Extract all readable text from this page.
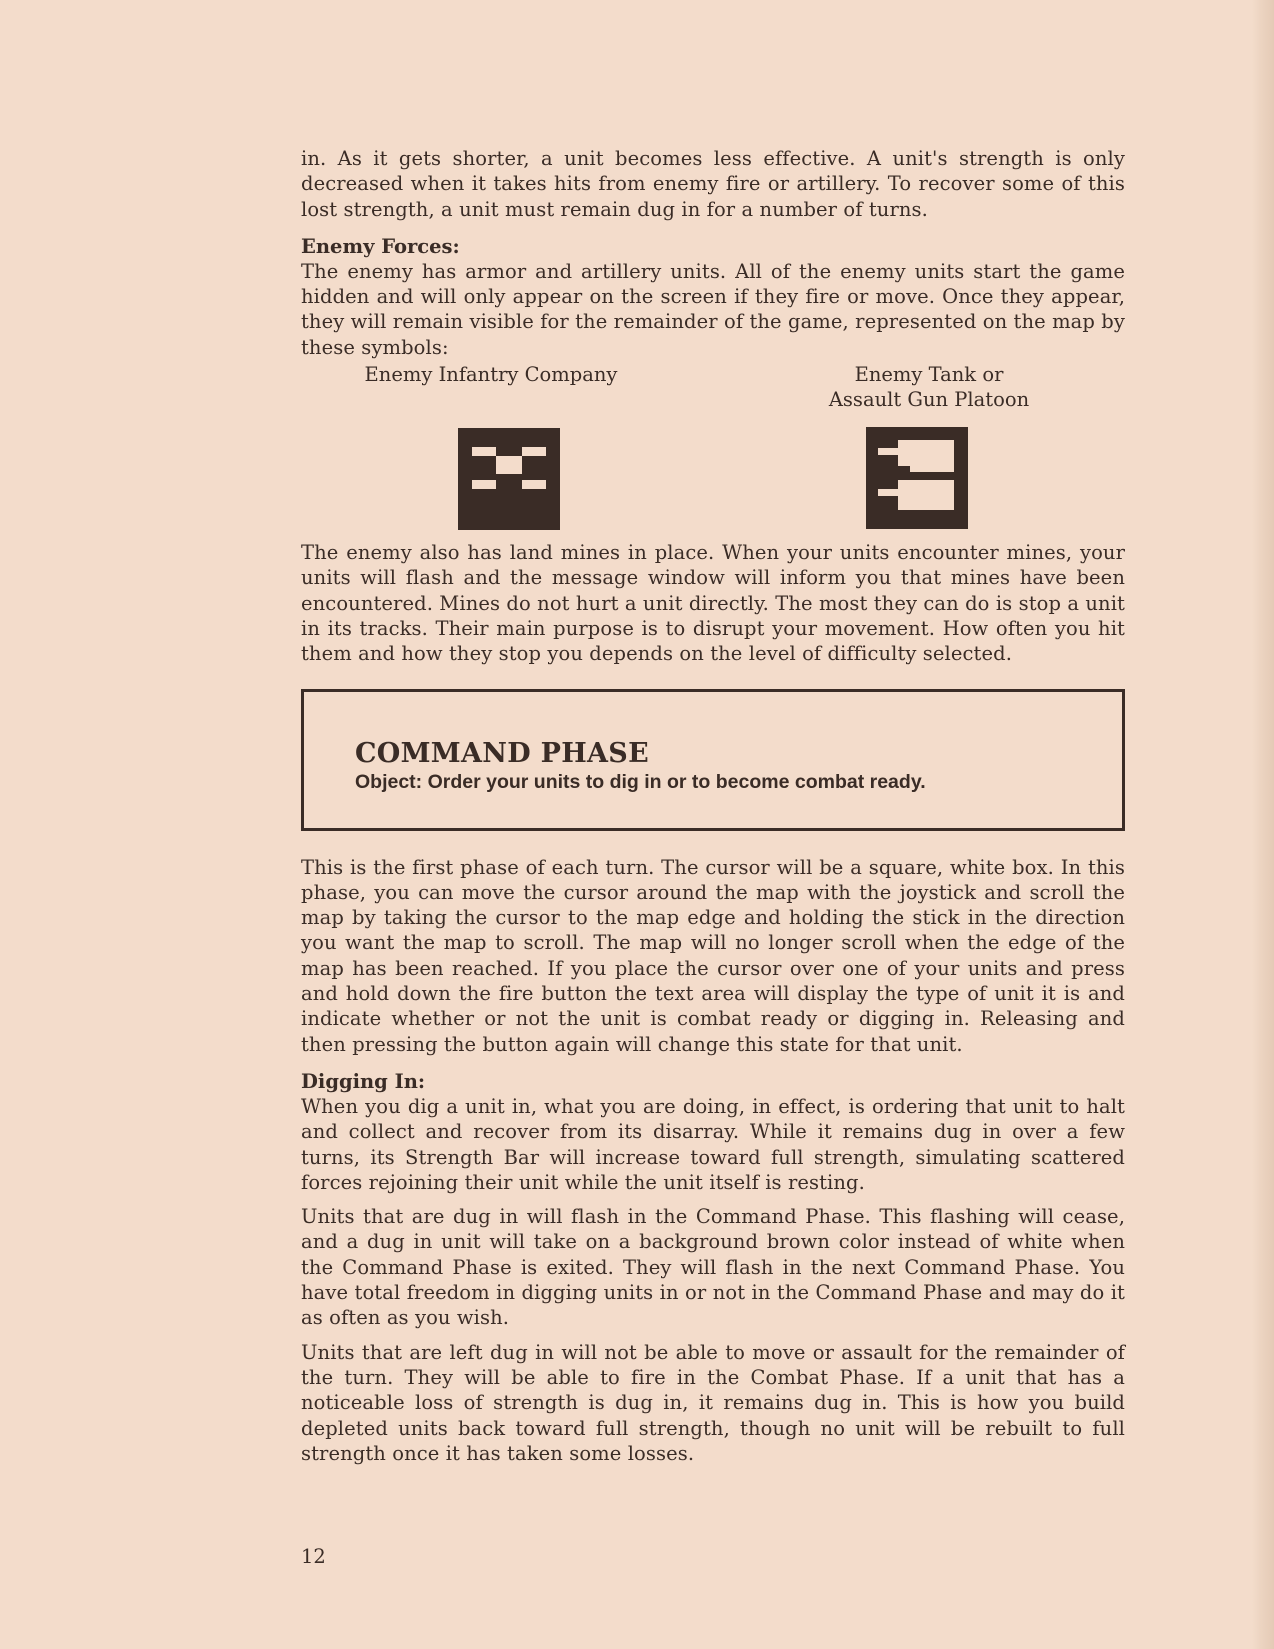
in. As it gets shorter, a unit becomes less effective. A unit's strength is only decreased when it takes hits from enemy fire or artillery. To recover some of this lost strength, a unit must remain dug in for a number of turns.

Enemy Forces:

The enemy has armor and artillery units. All of the enemy units start the game hidden and will only appear on the screen if they fire or move. Once they appear, they will remain visible for the remainder of the game, represented on the map by these symbols:

Enemy Infantry Company	Enemy Tank or
Assault Gun Platoon

The enemy also has land mines in place. When your units encounter mines, your units will flash and the message window will inform you that mines have been encountered. Mines do not hurt a unit directly. The most they can do is stop a unit in its tracks. Their main purpose is to disrupt your movement. How often you hit them and how they stop you depends on the level of difficulty selected.

COMMAND PHASE
Object: Order your units to dig in or to become combat ready.

This is the first phase of each turn. The cursor will be a square, white box. In this phase, you can move the cursor around the map with the joystick and scroll the map by taking the cursor to the map edge and holding the stick in the direction you want the map to scroll. The map will no longer scroll when the edge of the map has been reached. If you place the cursor over one of your units and press and hold down the fire button the text area will display the type of unit it is and indicate whether or not the unit is combat ready or digging in. Releasing and then pressing the button again will change this state for that unit.

Digging In:

When you dig a unit in, what you are doing, in effect, is ordering that unit to halt and collect and recover from its disarray. While it remains dug in over a few turns, its Strength Bar will increase toward full strength, simulating scattered forces rejoining their unit while the unit itself is resting.

Units that are dug in will flash in the Command Phase. This flashing will cease, and a dug in unit will take on a background brown color instead of white when the Command Phase is exited. They will flash in the next Command Phase. You have total freedom in digging units in or not in the Command Phase and may do it as often as you wish.

Units that are left dug in will not be able to move or assault for the remainder of the turn. They will be able to fire in the Combat Phase. If a unit that has a noticeable loss of strength is dug in, it remains dug in. This is how you build depleted units back toward full strength, though no unit will be rebuilt to full strength once it has taken some losses.

12
